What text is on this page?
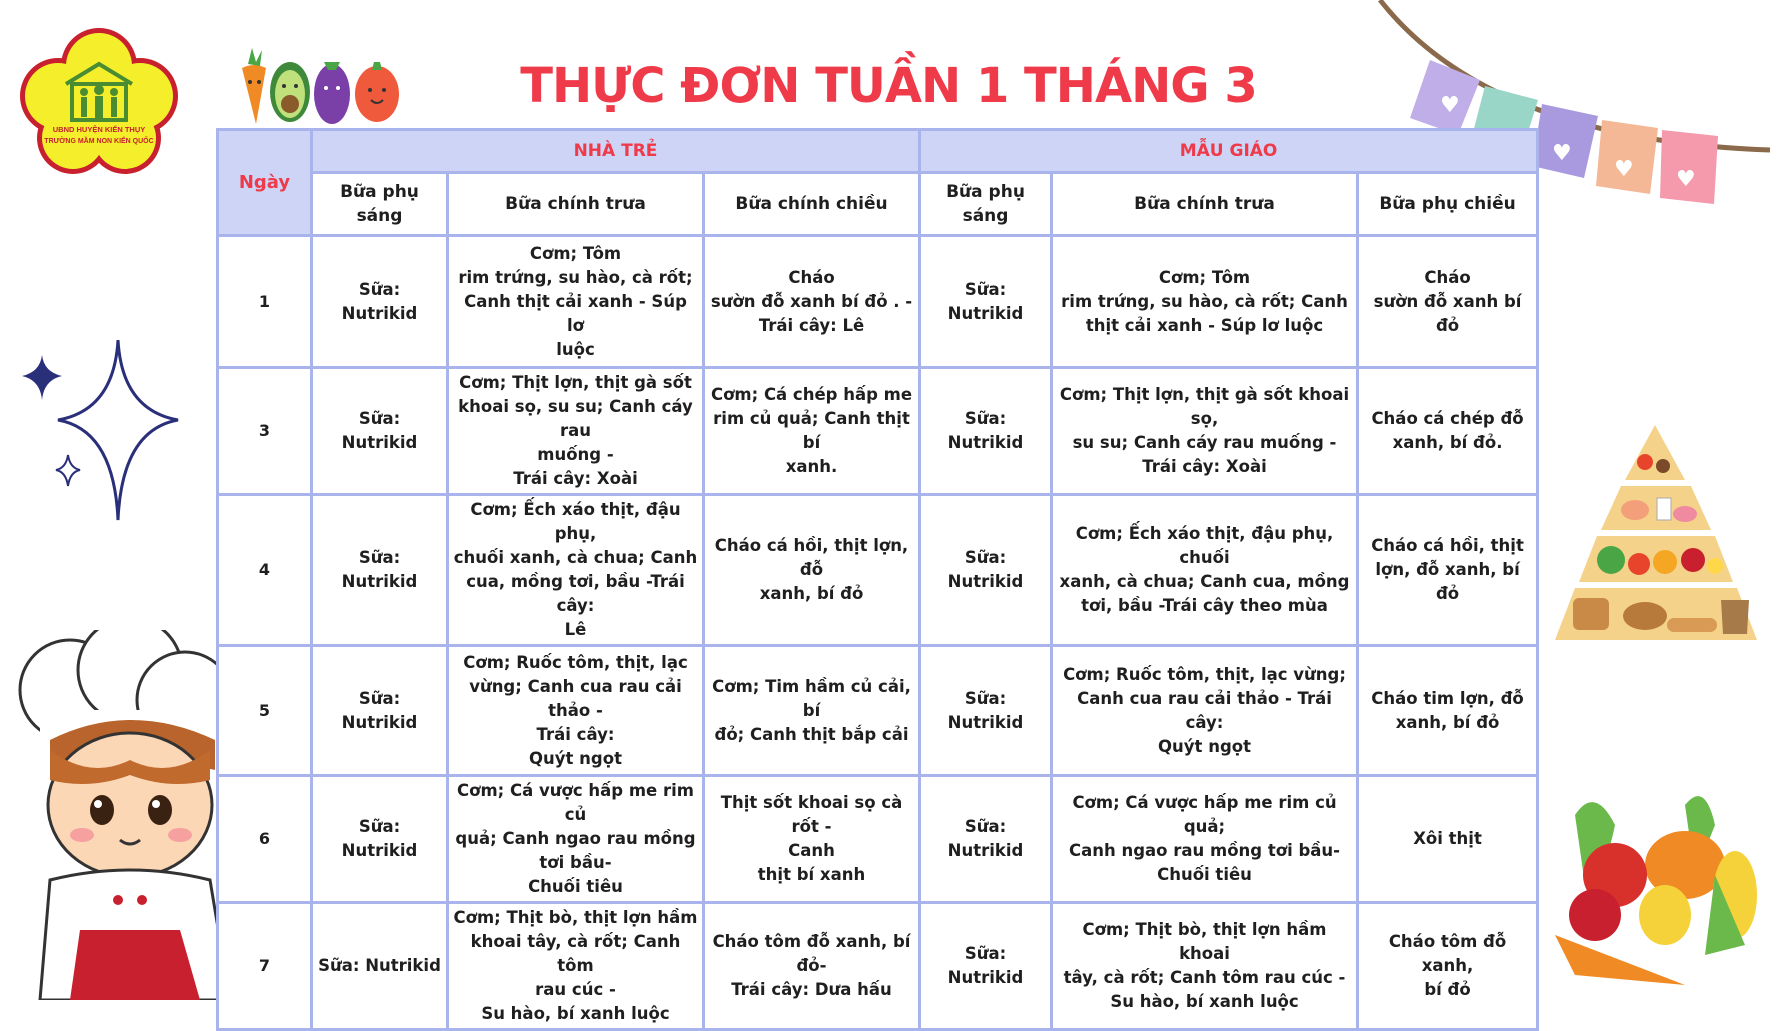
THỰC ĐƠN TUẦN 1 THÁNG 3
UBND HUYỆN KIẾN THỤY
TRƯỜNG MẦM NON KIẾN QUỐC
♥
♥
♥ ♥
Ngày	NHÀ TRẺ			MẪU GIÁO		
	Bữa phụ sáng	Bữa chính trưa	Bữa chính chiều	Bữa phụ sáng	Bữa chính trưa	Bữa phụ chiều
1	Sữa:
Nutrikid	Cơm; Tôm
rim trứng, su hào, cà rốt;
Canh thịt cải xanh - Súp lơ
luộc	Cháo
sườn đỗ xanh bí đỏ . -
Trái cây: Lê	Sữa:
Nutrikid	Cơm; Tôm
rim trứng, su hào, cà rốt; Canh
thịt cải xanh - Súp lơ luộc	Cháo
sườn đỗ xanh bí đỏ
3	Sữa:
Nutrikid	Cơm; Thịt lợn, thịt gà sốt
khoai sọ, su su; Canh cáy rau
muống -
Trái cây: Xoài	Cơm; Cá chép hấp me
rim củ quả; Canh thịt bí
xanh.	Sữa:
Nutrikid	Cơm; Thịt lợn, thịt gà sốt khoai sọ,
su su; Canh cáy rau muống -
Trái cây: Xoài	Cháo cá chép đỗ
xanh, bí đỏ.
4	Sữa:
Nutrikid	Cơm; Ếch xáo thịt, đậu phụ,
chuối xanh, cà chua; Canh
cua, mồng tơi, bầu -Trái cây:
Lê	Cháo cá hồi, thịt lợn, đỗ
xanh, bí đỏ	Sữa:
Nutrikid	Cơm; Ếch xáo thịt, đậu phụ, chuối
xanh, cà chua; Canh cua, mồng
tơi, bầu -Trái cây theo mùa	Cháo cá hồi, thịt
lợn, đỗ xanh, bí đỏ
5	Sữa:
Nutrikid	Cơm; Ruốc tôm, thịt, lạc
vừng; Canh cua rau cải thảo -
Trái cây:
Quýt ngọt	Cơm; Tim hầm củ cải, bí
đỏ; Canh thịt bắp cải	Sữa:
Nutrikid	Cơm; Ruốc tôm, thịt, lạc vừng;
Canh cua rau cải thảo - Trái cây:
Quýt ngọt	Cháo tim lợn, đỗ
xanh, bí đỏ
6	Sữa:
Nutrikid	Cơm; Cá vược hấp me rim củ
quả; Canh ngao rau mồng
tơi bầu-
Chuối tiêu	Thịt sốt khoai sọ cà rốt -
Canh
thịt bí xanh	Sữa:
Nutrikid	Cơm; Cá vược hấp me rim củ quả;
Canh ngao rau mồng tơi bầu-
Chuối tiêu	Xôi thịt
7	Sữa: Nutrikid	Cơm; Thịt bò, thịt lợn hầm
khoai tây, cà rốt; Canh tôm
rau cúc -
Su hào, bí xanh luộc	Cháo tôm đỗ xanh, bí
đỏ-
Trái cây: Dưa hấu	Sữa: Nutrikid	Cơm; Thịt bò, thịt lợn hầm khoai
tây, cà rốt; Canh tôm rau cúc -
Su hào, bí xanh luộc	Cháo tôm đỗ xanh,
bí đỏ
